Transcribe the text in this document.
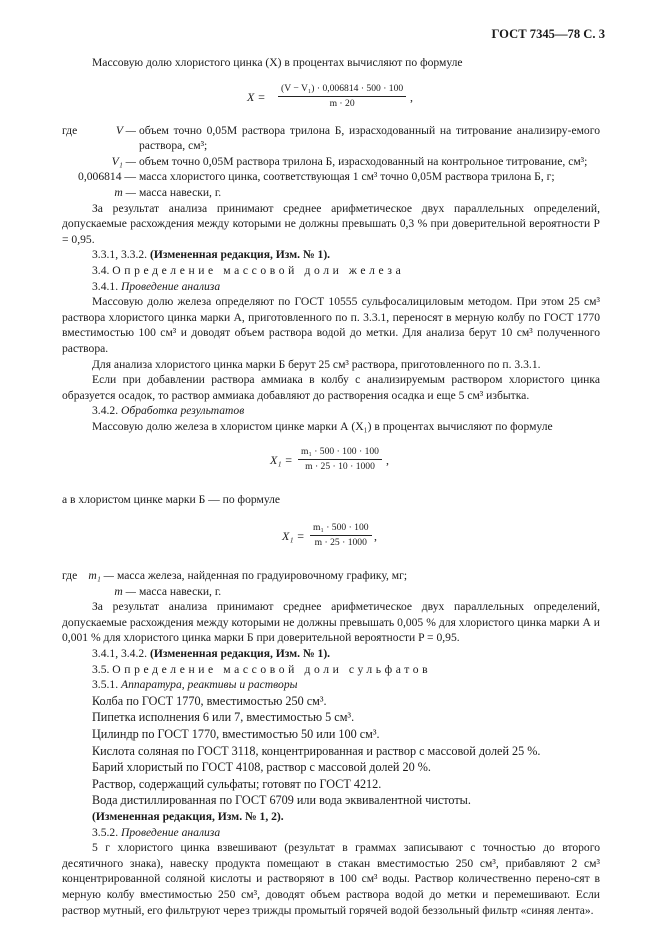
ГОСТ 7345—78 С. 3

Массовую долю хлористого цинка (X) в процентах вычисляют по формуле

$X = \frac{\text{(V − V₁) · 0,006814 · 500 · 100}}{m \cdot 20}$ ,
где	V — объем точно 0,05М раствора трилона Б, израсходованный на титрование анализиру-емого раствора, см³;
V₁ — объем точно 0,05М раствора трилона Б, израсходованный на контрольное титрование, см³;
0,006814 — масса хлористого цинка, соответствующая 1 см³ точно 0,05М раствора трилона Б, г;
m — масса навески, г.

За результат анализа принимают среднее арифметическое двух параллельных определений, допускаемые расхождения между которыми не должны превышать 0,3 % при доверительной вероятности P = 0,95.

3.3.1, 3.3.2. (Измененная редакция, Изм. № 1).

3.4. Определение массовой доли железа

3.4.1. Проведение анализа

Массовую долю железа определяют по ГОСТ 10555 сульфосалициловым методом. При этом 25 см³ раствора хлористого цинка марки А, приготовленного по п. 3.3.1, переносят в мерную колбу по ГОСТ 1770 вместимостью 100 см³ и доводят объем раствора водой до метки. Для анализа берут 10 см³ полученного раствора.

Для анализа хлористого цинка марки Б берут 25 см³ раствора, приготовленного по п. 3.3.1.

Если при добавлении раствора аммиака в колбу с анализируемым раствором хлористого цинка образуется осадок, то раствор аммиака добавляют до растворения осадка и еще 5 см³ избытка.

3.4.2. Обработка результатов

Массовую долю железа в хлористом цинке марки А (X₁) в процентах вычисляют по формуле

$X_1 = \frac{\text{m₁ · 500 · 100 · 100}}{m \cdot 25 \cdot 10 \cdot 1000}$ ,

а в хлористом цинке марки Б — по формуле

$X_1 = \frac{\text{m₁ · 500 · 100}}{m \cdot 25 \cdot 1000}$ ,
где m₁ — масса железа, найденная по градуировочному графику, мг;
m — масса навески, г.

За результат анализа принимают среднее арифметическое двух параллельных определений, допускаемые расхождения между которыми не должны превышать 0,005 % для хлористого цинка марки А и 0,001 % для хлористого цинка марки Б при доверительной вероятности P = 0,95.

3.4.1, 3.4.2. (Измененная редакция, Изм. № 1).

3.5. Определение массовой доли сульфатов

3.5.1. Аппаратура, реактивы и растворы

Колба по ГОСТ 1770, вместимостью 250 см³.

Пипетка исполнения 6 или 7, вместимостью 5 см³.

Цилиндр по ГОСТ 1770, вместимостью 50 или 100 см³.

Кислота соляная по ГОСТ 3118, концентрированная и раствор с массовой долей 25 %.

Барий хлористый по ГОСТ 4108, раствор с массовой долей 20 %.

Раствор, содержащий сульфаты; готовят по ГОСТ 4212.

Вода дистиллированная по ГОСТ 6709 или вода эквивалентной чистоты.

(Измененная редакция, Изм. № 1, 2).

3.5.2. Проведение анализа

5 г хлористого цинка взвешивают (результат в граммах записывают с точностью до второго десятичного знака), навеску продукта помещают в стакан вместимостью 250 см³, прибавляют 2 см³ концентрированной соляной кислоты и растворяют в 100 см³ воды. Раствор количественно перено-сят в мерную колбу вместимостью 250 см³, доводят объем раствора водой до метки и перемешивают. Если раствор мутный, его фильтруют через трижды промытый горячей водой беззольный фильтр «синяя лента».
